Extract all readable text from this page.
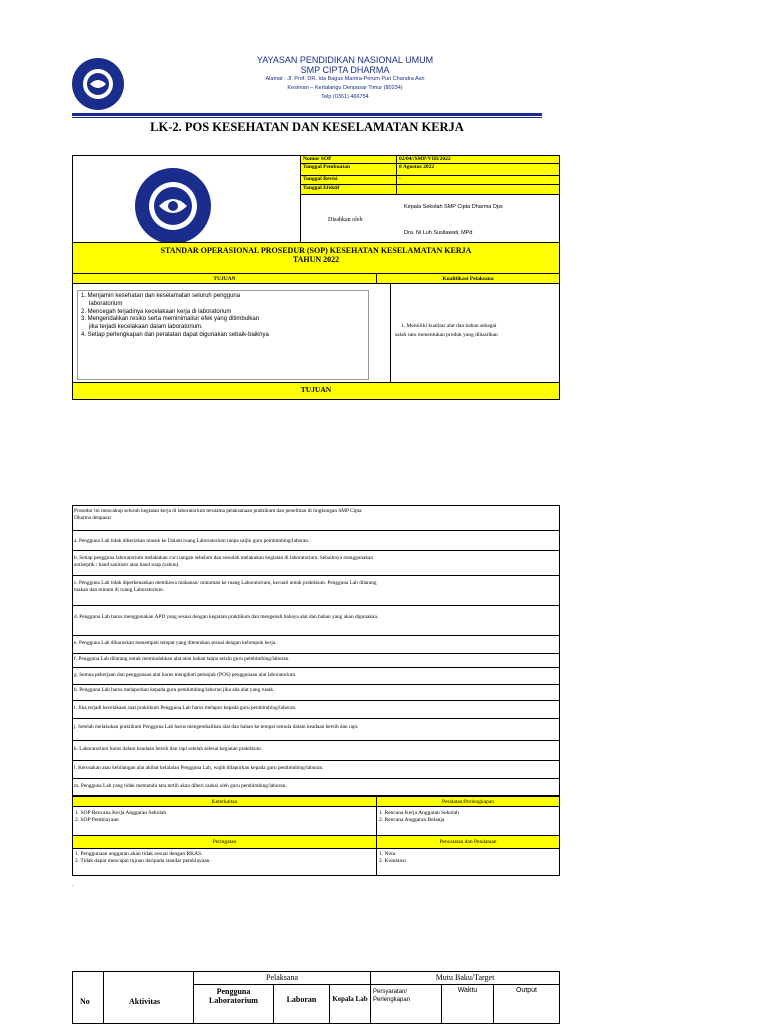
YAYASAN PENDIDIKAN NASIONAL UMUM
SMP CIPTA DHARMA
Alamat : Jl. Prof. DR. Ida Bagus Mantra-Perum Puri Chandra Asri
Kesiman – Kertalangu Denpasar Timur (80234)
Telp (0361) 466754
LK-2. POS KESEHATAN DAN KESELAMATAN KERJA
Nomor SOP	02/04//SMP/VIII/2022
Tanggal Pembuatan	8 Agustus 2022
Tanggal Revisi	-
Tanggal Efektif
Disahkan oleh
Kepala Sekolah SMP Cipta Dharma Dps
Dra. Ni Luh Susilawati, MPd
STANDAR OPERASIONAL PROSEDUR (SOP) KESEHATAN KESELAMATAN KERJA
TAHUN 2022
TUJUAN	Kualifikasi Pelaksana
1. Menjamin kesehatan dan keselamatan seluruh pengguna
laboratorium
2. Mencegah terjadinya kecelakaan kerja di laboratorium
3. Mengendalikan resiko serta meminimalisir efek yang ditimbulkan
jika terjadi kecelakaan dalam laboratorium.
4. Setiap perlengkapan dan peralatan dapat digunakan sebaik-baiknya
1. Memiliki kualitas alat dan bahan sebagai
salah satu menentukan produk yang dihasilkan
TUJUAN
Prosedur ini mencakup seluruh kegiatan kerja di laboratorium terutama pelaksanaan praktikum dan penelitian di lingkungan SMP Cipta
Dharma denpasar
a. Pengguna Lab tidak diberizkan masuk ke Dalam ruang Laboratorium tanpa saijin guru pembimbing/laboran.
b. Setiap pengguna laboratorium melakukan cuci tangan sebelum dan sesudah melakukan kegiatan di laboratorium. Sebaiknya menggunakan
antiseptik / hand sanitizer atau hand soap (sabun).
c. Pengguna Lab tidak diperkenankan membawa makanan/ minuman ke ruang Laboratorium, kecuali untuk praktikum. Pengguna Lab dilarang
makan dan minum di ruang Laboratorium.
d. Pengguna Lab harus menggunakan APD yang sesuai dengan kegiatan praktikum dan mengenali bahaya alat dan bahan yang akan digunakan.
e. Pengguna Lab diharuskan menempati tempat yang ditentukan sesuai dengan kelompok kerja.
f. Pengguna Lab dilarang untuk memindahkan alat atau bahan tanpa seizin guru pembimbing/laboran.
g. Semua pekerjaan dan penggunaan alat harus mengikuti petunjuk (POS) penggunaan alat laboratorium.
h. Pengguna Lab harus melaporkan kepada guru pembimbing/laboran jika ada alat yang rusak.
i. Jika terjadi kecelakaan saat praktikum Pengguna Lab harus melapor kepada guru pembimbing/laboran.
j. Setelah melakukan praktikum Pengguna Lab harus mengembalikan alat dan bahan ke tempat semula dalam keadaan bersih dan rapi.
k. Laboratorium harus dalam keadaan bersih dan rapi setelah selesai kegiatan praktikum.
l. Kerusakan atau kehilangan alat akibat kelalaian Pengguna Lab, wajib dilaporkan kepada guru pembimbing/laboran.
m. Pengguna Lab yang tidak mematuhi tata tertib akan diberi sanksi oleh guru pembimbing/laboran.
Keterkaitan	Peralatan/Perlengkapan
1. SOP Rencana Kerja Anggaran Sekolah
2. SOP Pembiayaan
1. Rencana Kerja Anggaran Sekolah
2. Rencana Anggaran Belanja
Peringatan	Pencatatan dan Pendataan
1. Penggunaan anggaran akan tidak sesuai dengan RKAS.
2. Tidak dapat mencapai tujuan daripada standar pembiayaan.
1. Nota
2. Kuintansi
.
No	Aktivitas
Pelaksana	Mutu Baku/Target
Pengguna Laboratorium	Laboran	Kepala Lab
Persyaratan/ Perlengkapan
Waktu	Output
